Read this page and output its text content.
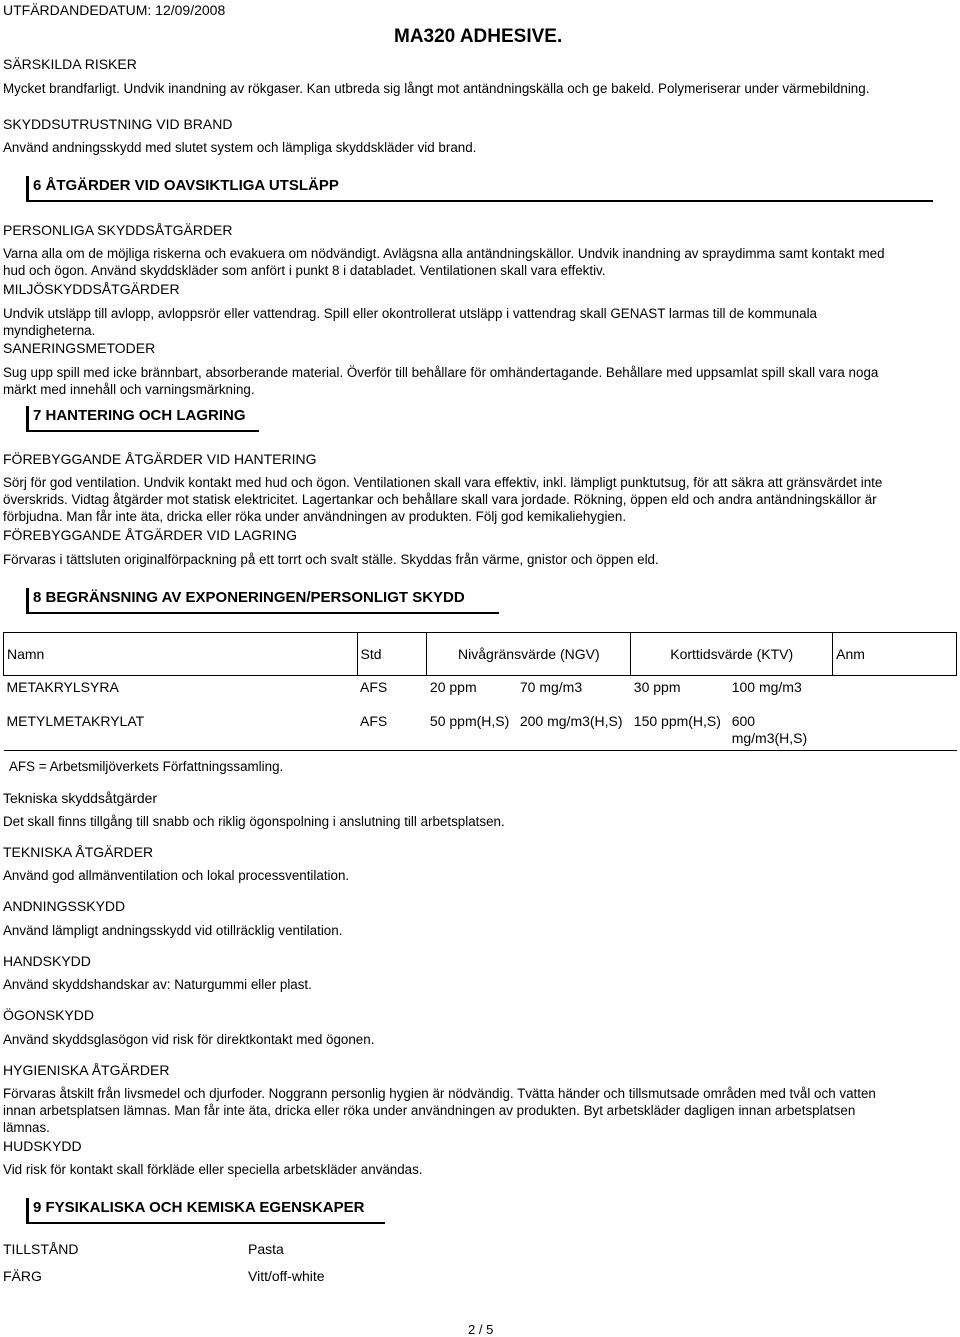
UTFÄRDANDEDATUM: 12/09/2008
MA320 ADHESIVE.
SÄRSKILDA RISKER
Mycket brandfarligt. Undvik inandning av rökgaser. Kan utbreda sig långt mot antändningskälla och ge bakeld. Polymeriserar under värmebildning.
SKYDDSUTRUSTNING VID BRAND
Använd andningsskydd med slutet system och lämpliga skyddskläder vid brand.
6 ÅTGÄRDER VID OAVSIKTLIGA UTSLÄPP
PERSONLIGA SKYDDSÅTGÄRDER
Varna alla om de möjliga riskerna och evakuera om nödvändigt. Avlägsna alla antändningskällor. Undvik inandning av spraydimma samt kontakt med hud och ögon. Använd skyddskläder som anfört i punkt 8 i databladet. Ventilationen skall vara effektiv.
MILJÖSKYDDSÅTGÄRDER
Undvik utsläpp till avlopp, avloppsrör eller vattendrag. Spill eller okontrollerat utsläpp i vattendrag skall GENAST larmas till de kommunala myndigheterna.
SANERINGSMETODER
Sug upp spill med icke brännbart, absorberande material. Överför till behållare för omhändertagande. Behållare med uppsamlat spill skall vara noga märkt med innehåll och varningsmärkning.
7 HANTERING OCH LAGRING
FÖREBYGGANDE ÅTGÄRDER VID HANTERING
Sörj för god ventilation. Undvik kontakt med hud och ögon. Ventilationen skall vara effektiv, inkl. lämpligt punktutsug, för att säkra att gränsvärdet inte överskrids. Vidtag åtgärder mot statisk elektricitet. Lagertankar och behållare skall vara jordade. Rökning, öppen eld och andra antändningskällor är förbjudna. Man får inte äta, dricka eller röka under användningen av produkten. Följ god kemikaliehygien.
FÖREBYGGANDE ÅTGÄRDER VID LAGRING
Förvaras i tättsluten originalförpackning på ett torrt och svalt ställe. Skyddas från värme, gnistor och öppen eld.
8 BEGRÄNSNING AV EXPONERINGEN/PERSONLIGT SKYDD
Namn	Std	Nivågränsvärde (NGV)		Korttidsvärde (KTV)		Anm
METAKRYLSYRA	AFS	20 ppm	70 mg/m3	30 ppm	100 mg/m3	
METYLMETAKRYLAT	AFS	50 ppm(H,S)	200 mg/m3(H,S)	150 ppm(H,S)	600 mg/m3(H,S)	
AFS = Arbetsmiljöverkets Författningssamling.
Tekniska skyddsåtgärder
Det skall finns tillgång till snabb och riklig ögonspolning i anslutning till arbetsplatsen.
TEKNISKA ÅTGÄRDER
Använd god allmänventilation och lokal processventilation.
ANDNINGSSKYDD
Använd lämpligt andningsskydd vid otillräcklig ventilation.
HANDSKYDD
Använd skyddshandskar av: Naturgummi eller plast.
ÖGONSKYDD
Använd skyddsglasögon vid risk för direktkontakt med ögonen.
HYGIENISKA ÅTGÄRDER
Förvaras åtskilt från livsmedel och djurfoder. Noggrann personlig hygien är nödvändig. Tvätta händer och tillsmutsade områden med tvål och vatten innan arbetsplatsen lämnas. Man får inte äta, dricka eller röka under användningen av produkten. Byt arbetskläder dagligen innan arbetsplatsen lämnas.
HUDSKYDD
Vid risk för kontakt skall förkläde eller speciella arbetskläder användas.
9 FYSIKALISKA OCH KEMISKA EGENSKAPER
TILLSTÅND	Pasta
FÄRG	Vitt/off-white
2 / 5
